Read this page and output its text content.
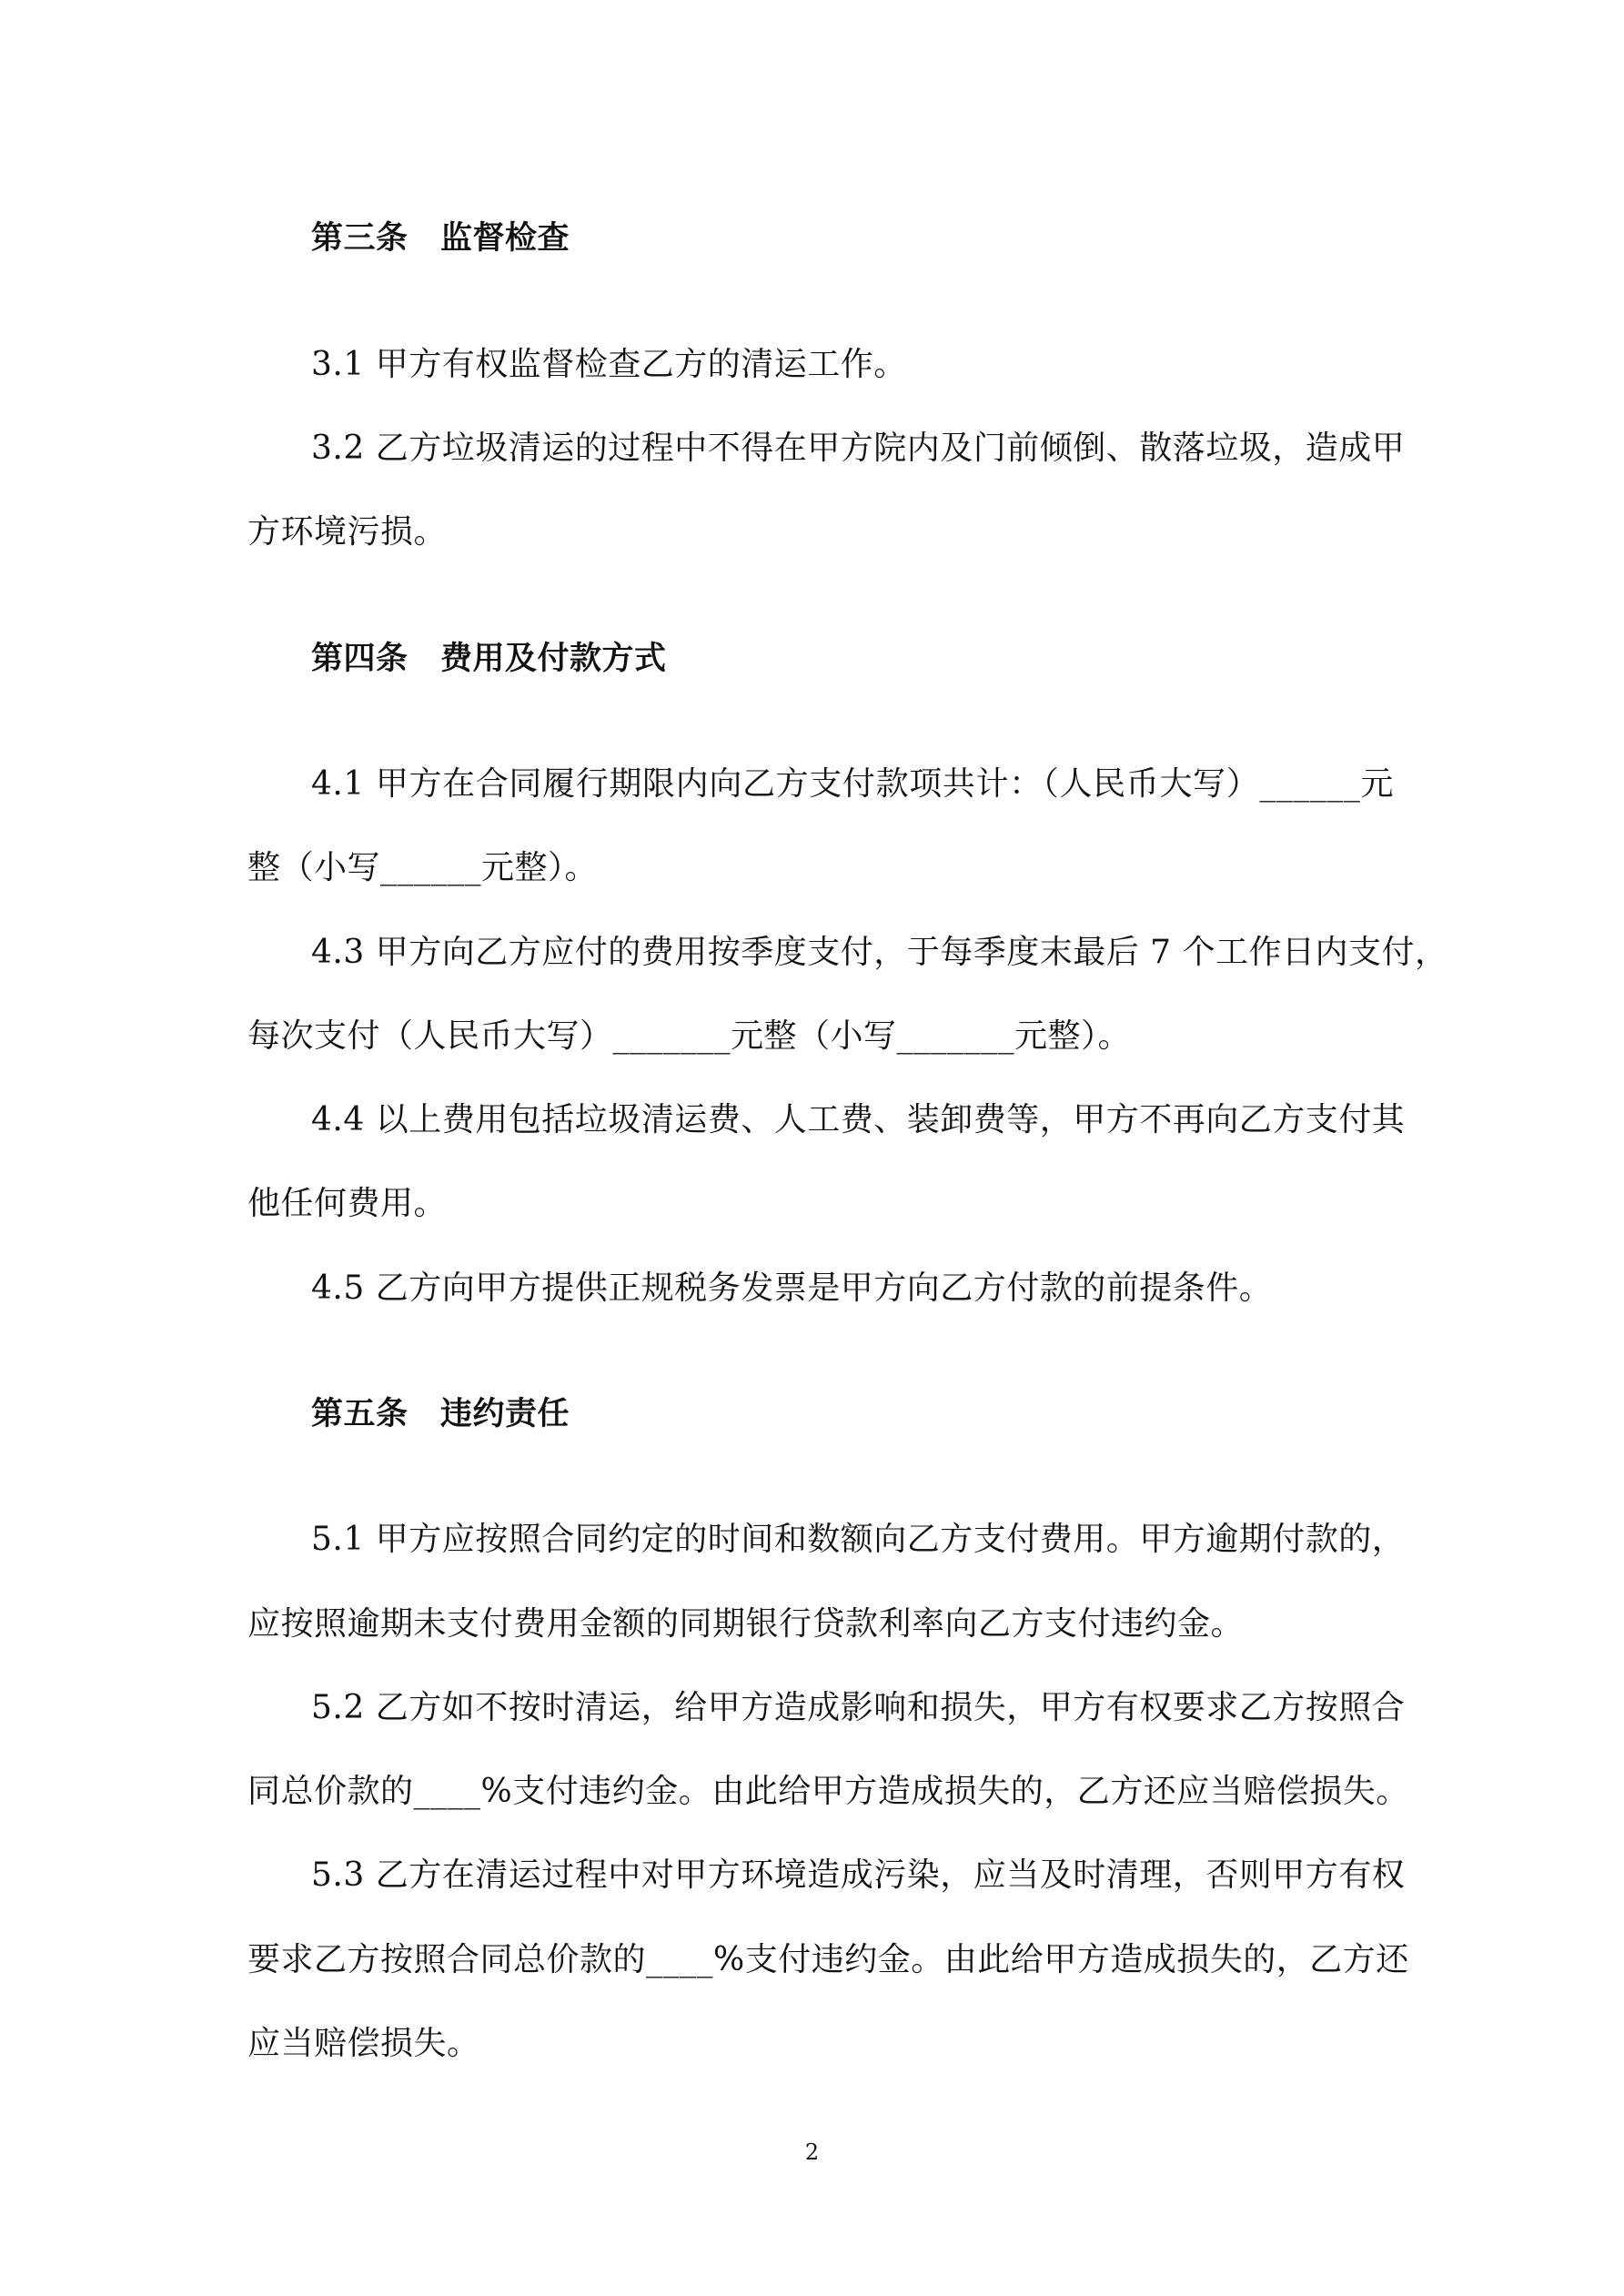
第三条　监督检查
3.1 甲方有权监督检查乙方的清运工作。
3.2 乙方垃圾清运的过程中不得在甲方院内及门前倾倒、散落垃圾，造成甲
方环境污损。
第四条　费用及付款方式
4.1 甲方在合同履行期限内向乙方支付款项共计：（人民币大写）______元
整（小写______元整）。
4.3 甲方向乙方应付的费用按季度支付，于每季度末最后 7 个工作日内支付，
每次支付（人民币大写）_______元整（小写_______元整）。
4.4 以上费用包括垃圾清运费、人工费、装卸费等，甲方不再向乙方支付其
他任何费用。
4.5 乙方向甲方提供正规税务发票是甲方向乙方付款的前提条件。
第五条　违约责任
5.1 甲方应按照合同约定的时间和数额向乙方支付费用。甲方逾期付款的，
应按照逾期未支付费用金额的同期银行贷款利率向乙方支付违约金。
5.2 乙方如不按时清运，给甲方造成影响和损失，甲方有权要求乙方按照合
同总价款的____%支付违约金。由此给甲方造成损失的，乙方还应当赔偿损失。
5.3 乙方在清运过程中对甲方环境造成污染，应当及时清理，否则甲方有权
要求乙方按照合同总价款的____%支付违约金。由此给甲方造成损失的，乙方还
应当赔偿损失。
2
